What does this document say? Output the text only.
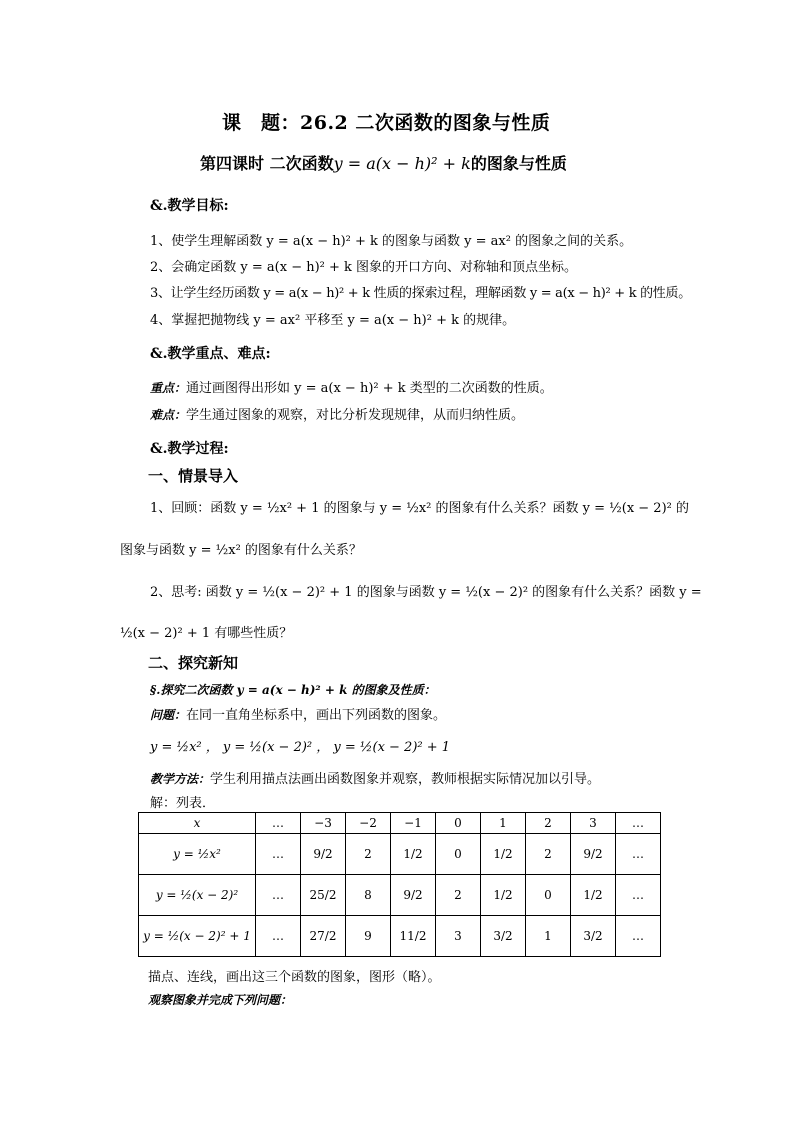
课　题：26.2 二次函数的图象与性质
第四课时 二次函数y = a(x − h)² + k的图象与性质
&.教学目标:
1、使学生理解函数 y = a(x − h)² + k 的图象与函数 y = ax² 的图象之间的关系。
2、会确定函数 y = a(x − h)² + k 图象的开口方向、对称轴和顶点坐标。
3、让学生经历函数 y = a(x − h)² + k 性质的探索过程，理解函数 y = a(x − h)² + k 的性质。
4、掌握把抛物线 y = ax² 平移至 y = a(x − h)² + k 的规律。
&.教学重点、难点:
重点：通过画图得出形如 y = a(x − h)² + k 类型的二次函数的性质。
难点：学生通过图象的观察，对比分析发现规律，从而归纳性质。
&.教学过程:
一、情景导入
1、回顾：函数 y = ½x² + 1 的图象与 y = ½x² 的图象有什么关系？函数 y = ½(x − 2)² 的
图象与函数 y = ½x² 的图象有什么关系？
2、思考: 函数 y = ½(x − 2)² + 1 的图象与函数 y = ½(x − 2)² 的图象有什么关系？函数 y =
½(x − 2)² + 1 有哪些性质？
二、探究新知
§.探究二次函数 y = a(x − h)² + k 的图象及性质：
问题：在同一直角坐标系中，画出下列函数的图象。
y = ½x² ， y = ½(x − 2)² ， y = ½(x − 2)² + 1
教学方法：学生利用描点法画出函数图象并观察，教师根据实际情况加以引导。
解：列表．
x	…	−3	−2	−1	0	1	2	3	…
y = ½x²	…	9/2	2	1/2	0	1/2	2	9/2	…
y = ½(x − 2)²	…	25/2	8	9/2	2	1/2	0	1/2	…
y = ½(x − 2)² + 1	…	27/2	9	11/2	3	3/2	1	3/2	…
描点、连线，画出这三个函数的图象，图形（略）。
观察图象并完成下列问题：
